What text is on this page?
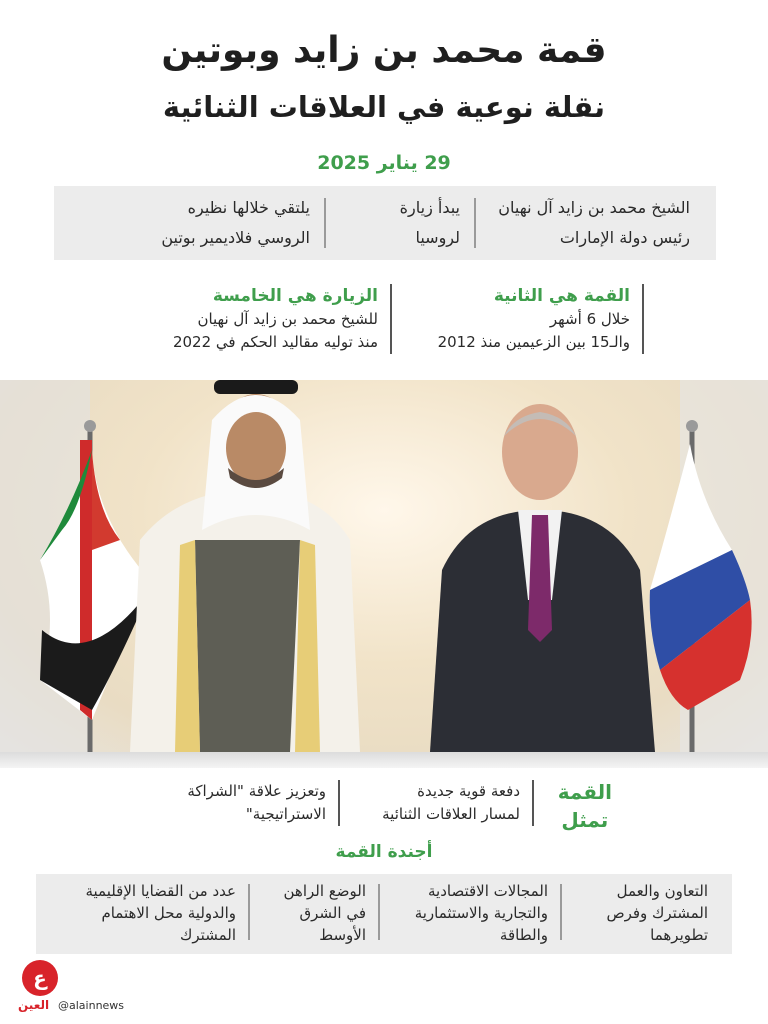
قمة محمد بن زايد وبوتين
نقلة نوعية في العلاقات الثنائية
29 يناير 2025
الشيخ محمد بن زايد آل نهيان
رئيس دولة الإمارات
يبدأ زيارة
لروسيا
يلتقي خلالها نظيره
الروسي فلاديمير بوتين
القمة هي الثانية
خلال 6 أشهر
والـ15 بين الزعيمين منذ 2012
الزيارة هي الخامسة
للشيخ محمد بن زايد آل نهيان
منذ توليه مقاليد الحكم في 2022
القمة
تمثل
دفعة قوية جديدة
لمسار العلاقات الثنائية
وتعزيز علاقة "الشراكة
الاستراتيجية"
أجندة القمة
التعاون والعمل
المشترك وفرص
تطويرهما
المجالات الاقتصادية
والتجارية والاستثمارية
والطاقة
الوضع الراهن
في الشرق
الأوسط
عدد من القضايا الإقليمية
والدولية محل الاهتمام
المشترك
ع
العين @alainnews
